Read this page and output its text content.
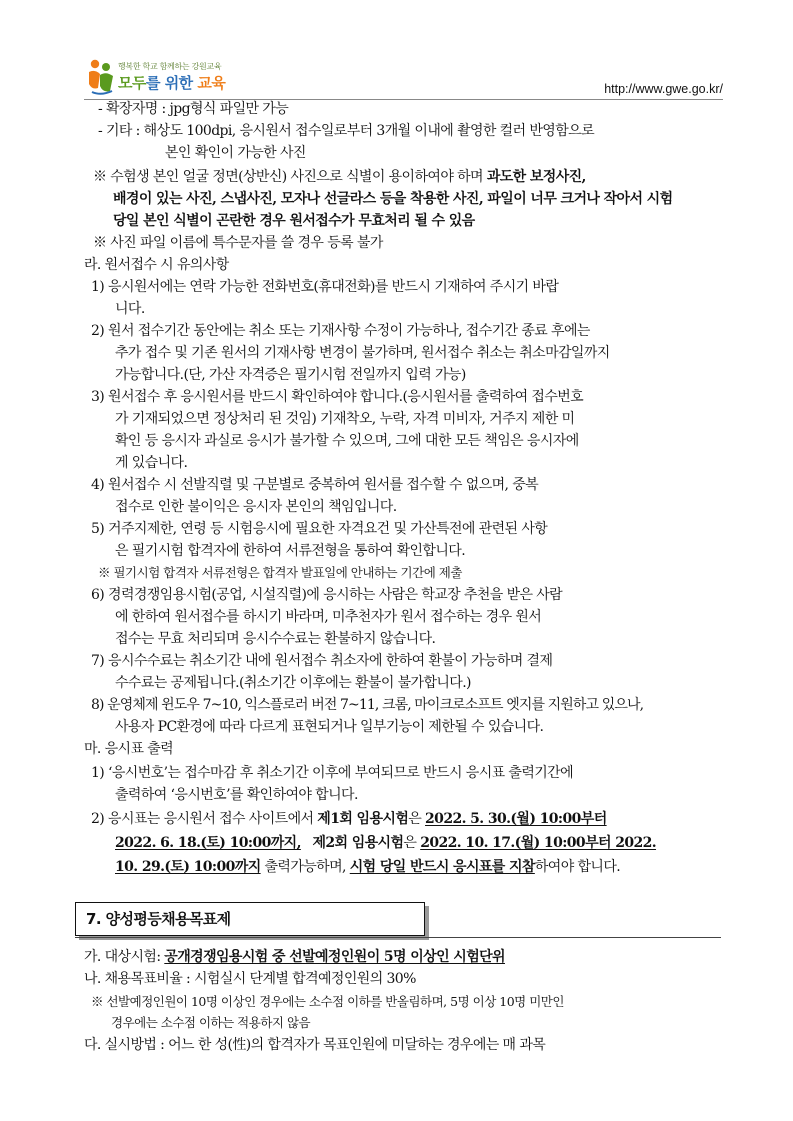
행복한 학교 함께하는 강원교육
모두를 위한 교육	http://www.gwe.go.kr/
- 확장자명 : jpg형식 파일만 가능
- 기타 : 해상도 100dpi, 응시원서 접수일로부터 3개월 이내에 촬영한 컬러 반영함으로
본인 확인이 가능한 사진
※ 수험생 본인 얼굴 정면(상반신) 사진으로 식별이 용이하여야 하며 과도한 보정사진,
배경이 있는 사진, 스냅사진, 모자나 선글라스 등을 착용한 사진, 파일이 너무 크거나 작아서 시험
당일 본인 식별이 곤란한 경우 원서접수가 무효처리 될 수 있음
※ 사진 파일 이름에 특수문자를 쓸 경우 등록 불가
라. 원서접수 시 유의사항
1) 응시원서에는 연락 가능한 전화번호(휴대전화)를 반드시 기재하여 주시기 바랍
니다.
2) 원서 접수기간 동안에는 취소 또는 기재사항 수정이 가능하나, 접수기간 종료 후에는
추가 접수 및 기존 원서의 기재사항 변경이 불가하며, 원서접수 취소는 취소마감일까지
가능합니다.(단, 가산 자격증은 필기시험 전일까지 입력 가능)
3) 원서접수 후 응시원서를 반드시 확인하여야 합니다.(응시원서를 출력하여 접수번호
가 기재되었으면 정상처리 된 것임) 기재착오, 누락, 자격 미비자, 거주지 제한 미
확인 등 응시자 과실로 응시가 불가할 수 있으며, 그에 대한 모든 책임은 응시자에
게 있습니다.
4) 원서접수 시 선발직렬 및 구분별로 중복하여 원서를 접수할 수 없으며, 중복
접수로 인한 불이익은 응시자 본인의 책임입니다.
5) 거주지제한, 연령 등 시험응시에 필요한 자격요건 및 가산특전에 관련된 사항
은 필기시험 합격자에 한하여 서류전형을 통하여 확인합니다.
※ 필기시험 합격자 서류전형은 합격자 발표일에 안내하는 기간에 제출
6) 경력경쟁임용시험(공업, 시설직렬)에 응시하는 사람은 학교장 추천을 받은 사람
에 한하여 원서접수를 하시기 바라며, 미추천자가 원서 접수하는 경우 원서
접수는 무효 처리되며 응시수수료는 환불하지 않습니다.
7) 응시수수료는 취소기간 내에 원서접수 취소자에 한하여 환불이 가능하며 결제
수수료는 공제됩니다.(취소기간 이후에는 환불이 불가합니다.)
8) 운영체제 윈도우 7~10, 익스플로러 버전 7~11, 크롬, 마이크로소프트 엣지를 지원하고 있으나,
사용자 PC환경에 따라 다르게 표현되거나 일부기능이 제한될 수 있습니다.
마. 응시표 출력
1) ‘응시번호’는 접수마감 후 취소기간 이후에 부여되므로 반드시 응시표 출력기간에
출력하여 ‘응시번호’를 확인하여야 합니다.
2) 응시표는 응시원서 접수 사이트에서 제1회 임용시험은 2022. 5. 30.(월) 10:00부터
2022. 6. 18.(토) 10:00까지, 제2회 임용시험은 2022. 10. 17.(월) 10:00부터 2022.
10. 29.(토) 10:00까지 출력가능하며, 시험 당일 반드시 응시표를 지참하여야 합니다.
7. 양성평등채용목표제
가. 대상시험: 공개경쟁임용시험 중 선발예정인원이 5명 이상인 시험단위
나. 채용목표비율 : 시험실시 단계별 합격예정인원의 30%
※ 선발예정인원이 10명 이상인 경우에는 소수점 이하를 반올림하며, 5명 이상 10명 미만인
경우에는 소수점 이하는 적용하지 않음
다. 실시방법 : 어느 한 성(性)의 합격자가 목표인원에 미달하는 경우에는 매 과목
